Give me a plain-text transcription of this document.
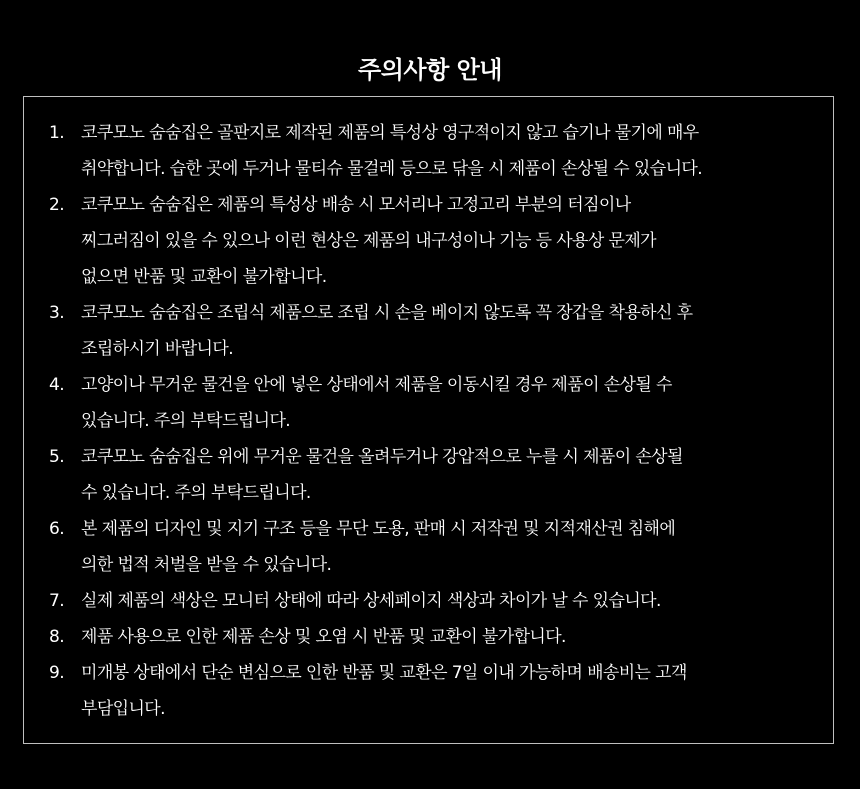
주의사항 안내
1. 코쿠모노 숨숨집은 골판지로 제작된 제품의 특성상 영구적이지 않고 습기나 물기에 매우
취약합니다. 습한 곳에 두거나 물티슈 물걸레 등으로 닦을 시 제품이 손상될 수 있습니다.
2. 코쿠모노 숨숨집은 제품의 특성상 배송 시 모서리나 고정고리 부분의 터짐이나
찌그러짐이 있을 수 있으나 이런 현상은 제품의 내구성이나 기능 등 사용상 문제가
없으면 반품 및 교환이 불가합니다.
3. 코쿠모노 숨숨집은 조립식 제품으로 조립 시 손을 베이지 않도록 꼭 장갑을 착용하신 후
조립하시기 바랍니다.
4. 고양이나 무거운 물건을 안에 넣은 상태에서 제품을 이동시킬 경우 제품이 손상될 수
있습니다. 주의 부탁드립니다.
5. 코쿠모노 숨숨집은 위에 무거운 물건을 올려두거나 강압적으로 누를 시 제품이 손상될
수 있습니다. 주의 부탁드립니다.
6. 본 제품의 디자인 및 지기 구조 등을 무단 도용, 판매 시 저작권 및 지적재산권 침해에
의한 법적 처벌을 받을 수 있습니다.
7. 실제 제품의 색상은 모니터 상태에 따라 상세페이지 색상과 차이가 날 수 있습니다.
8. 제품 사용으로 인한 제품 손상 및 오염 시 반품 및 교환이 불가합니다.
9. 미개봉 상태에서 단순 변심으로 인한 반품 및 교환은 7일 이내 가능하며 배송비는 고객
부담입니다.
